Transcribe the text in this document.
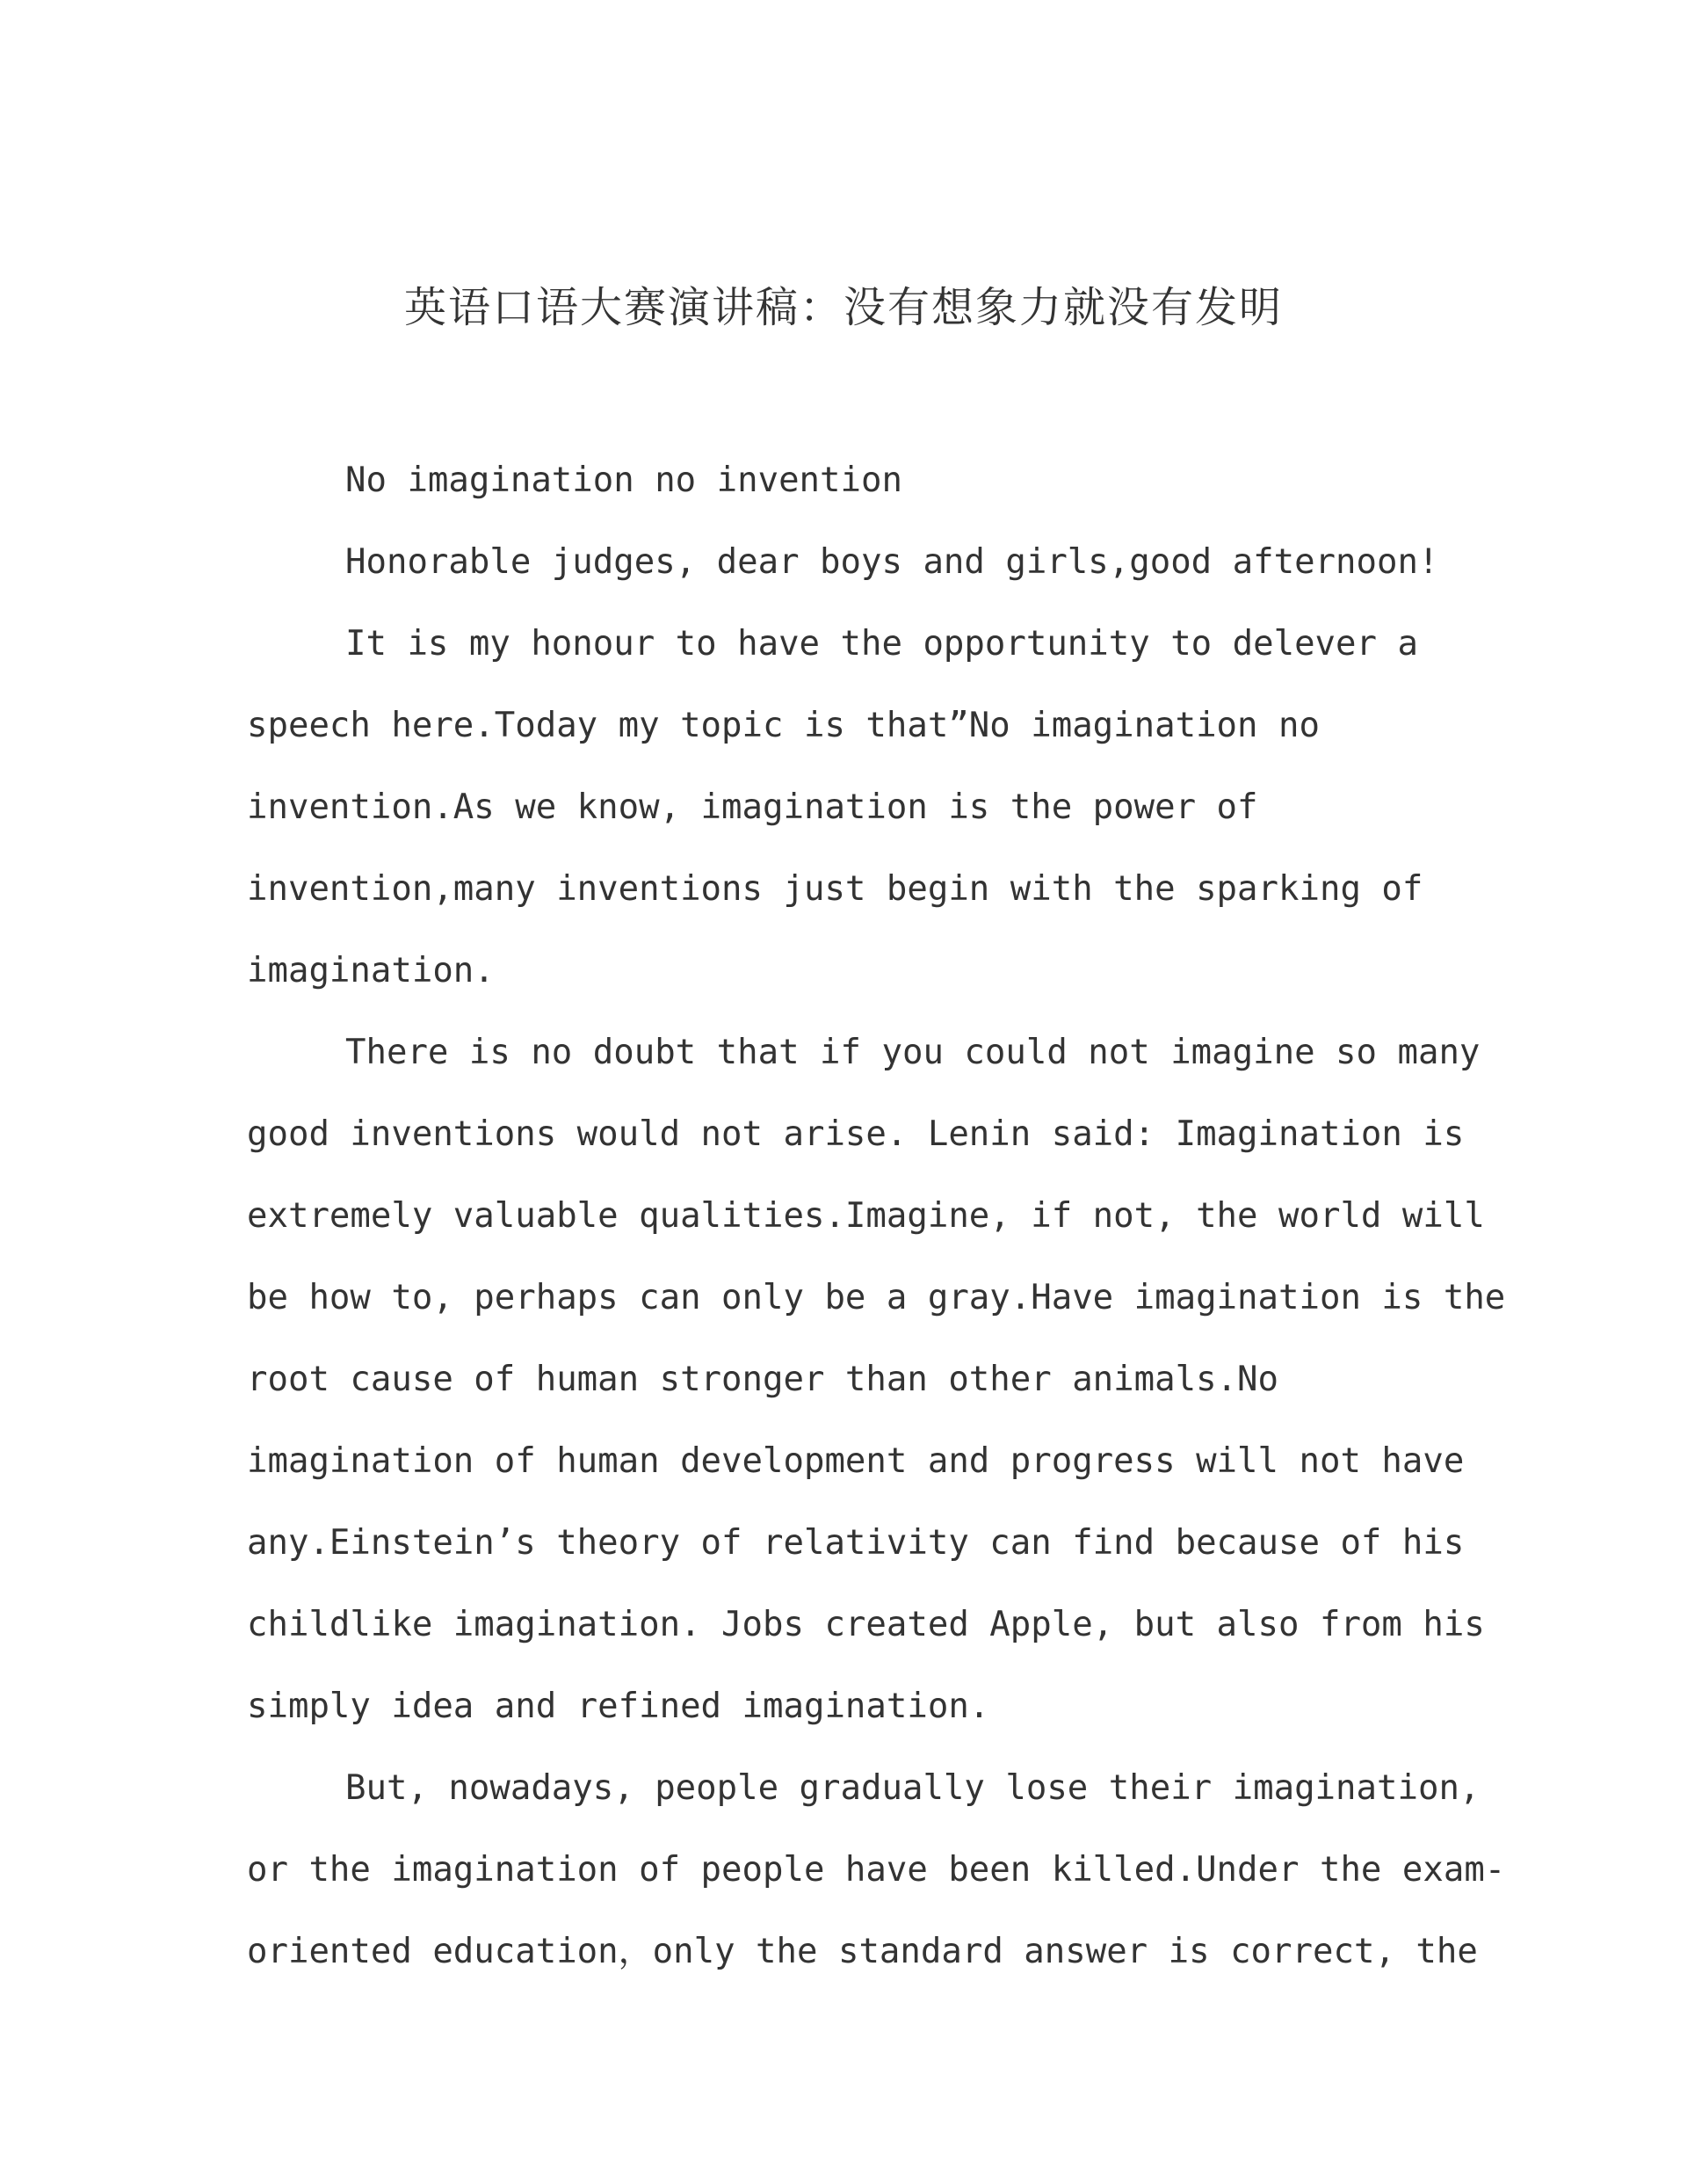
英语口语大赛演讲稿：没有想象力就没有发明

No imagination no invention

Honorable judges, dear boys and girls,good afternoon!

It is my honour to have the opportunity to delever a

speech here.Today my topic is that”No imagination no

invention.As we know, imagination is the power of

invention,many inventions just begin with the sparking of

imagination.

There is no doubt that if you could not imagine so many

good inventions would not arise. Lenin said: Imagination is

extremely valuable qualities.Imagine, if not, the world will

be how to, perhaps can only be a gray.Have imagination is the

root cause of human stronger than other animals.No

imagination of human development and progress will not have

any.Einstein’s theory of relativity can find because of his

childlike imagination. Jobs created Apple, but also from his

simply idea and refined imagination.

But, nowadays, people gradually lose their imagination,

or the imagination of people have been killed.Under the exam-

oriented education，only the standard answer is correct, the
